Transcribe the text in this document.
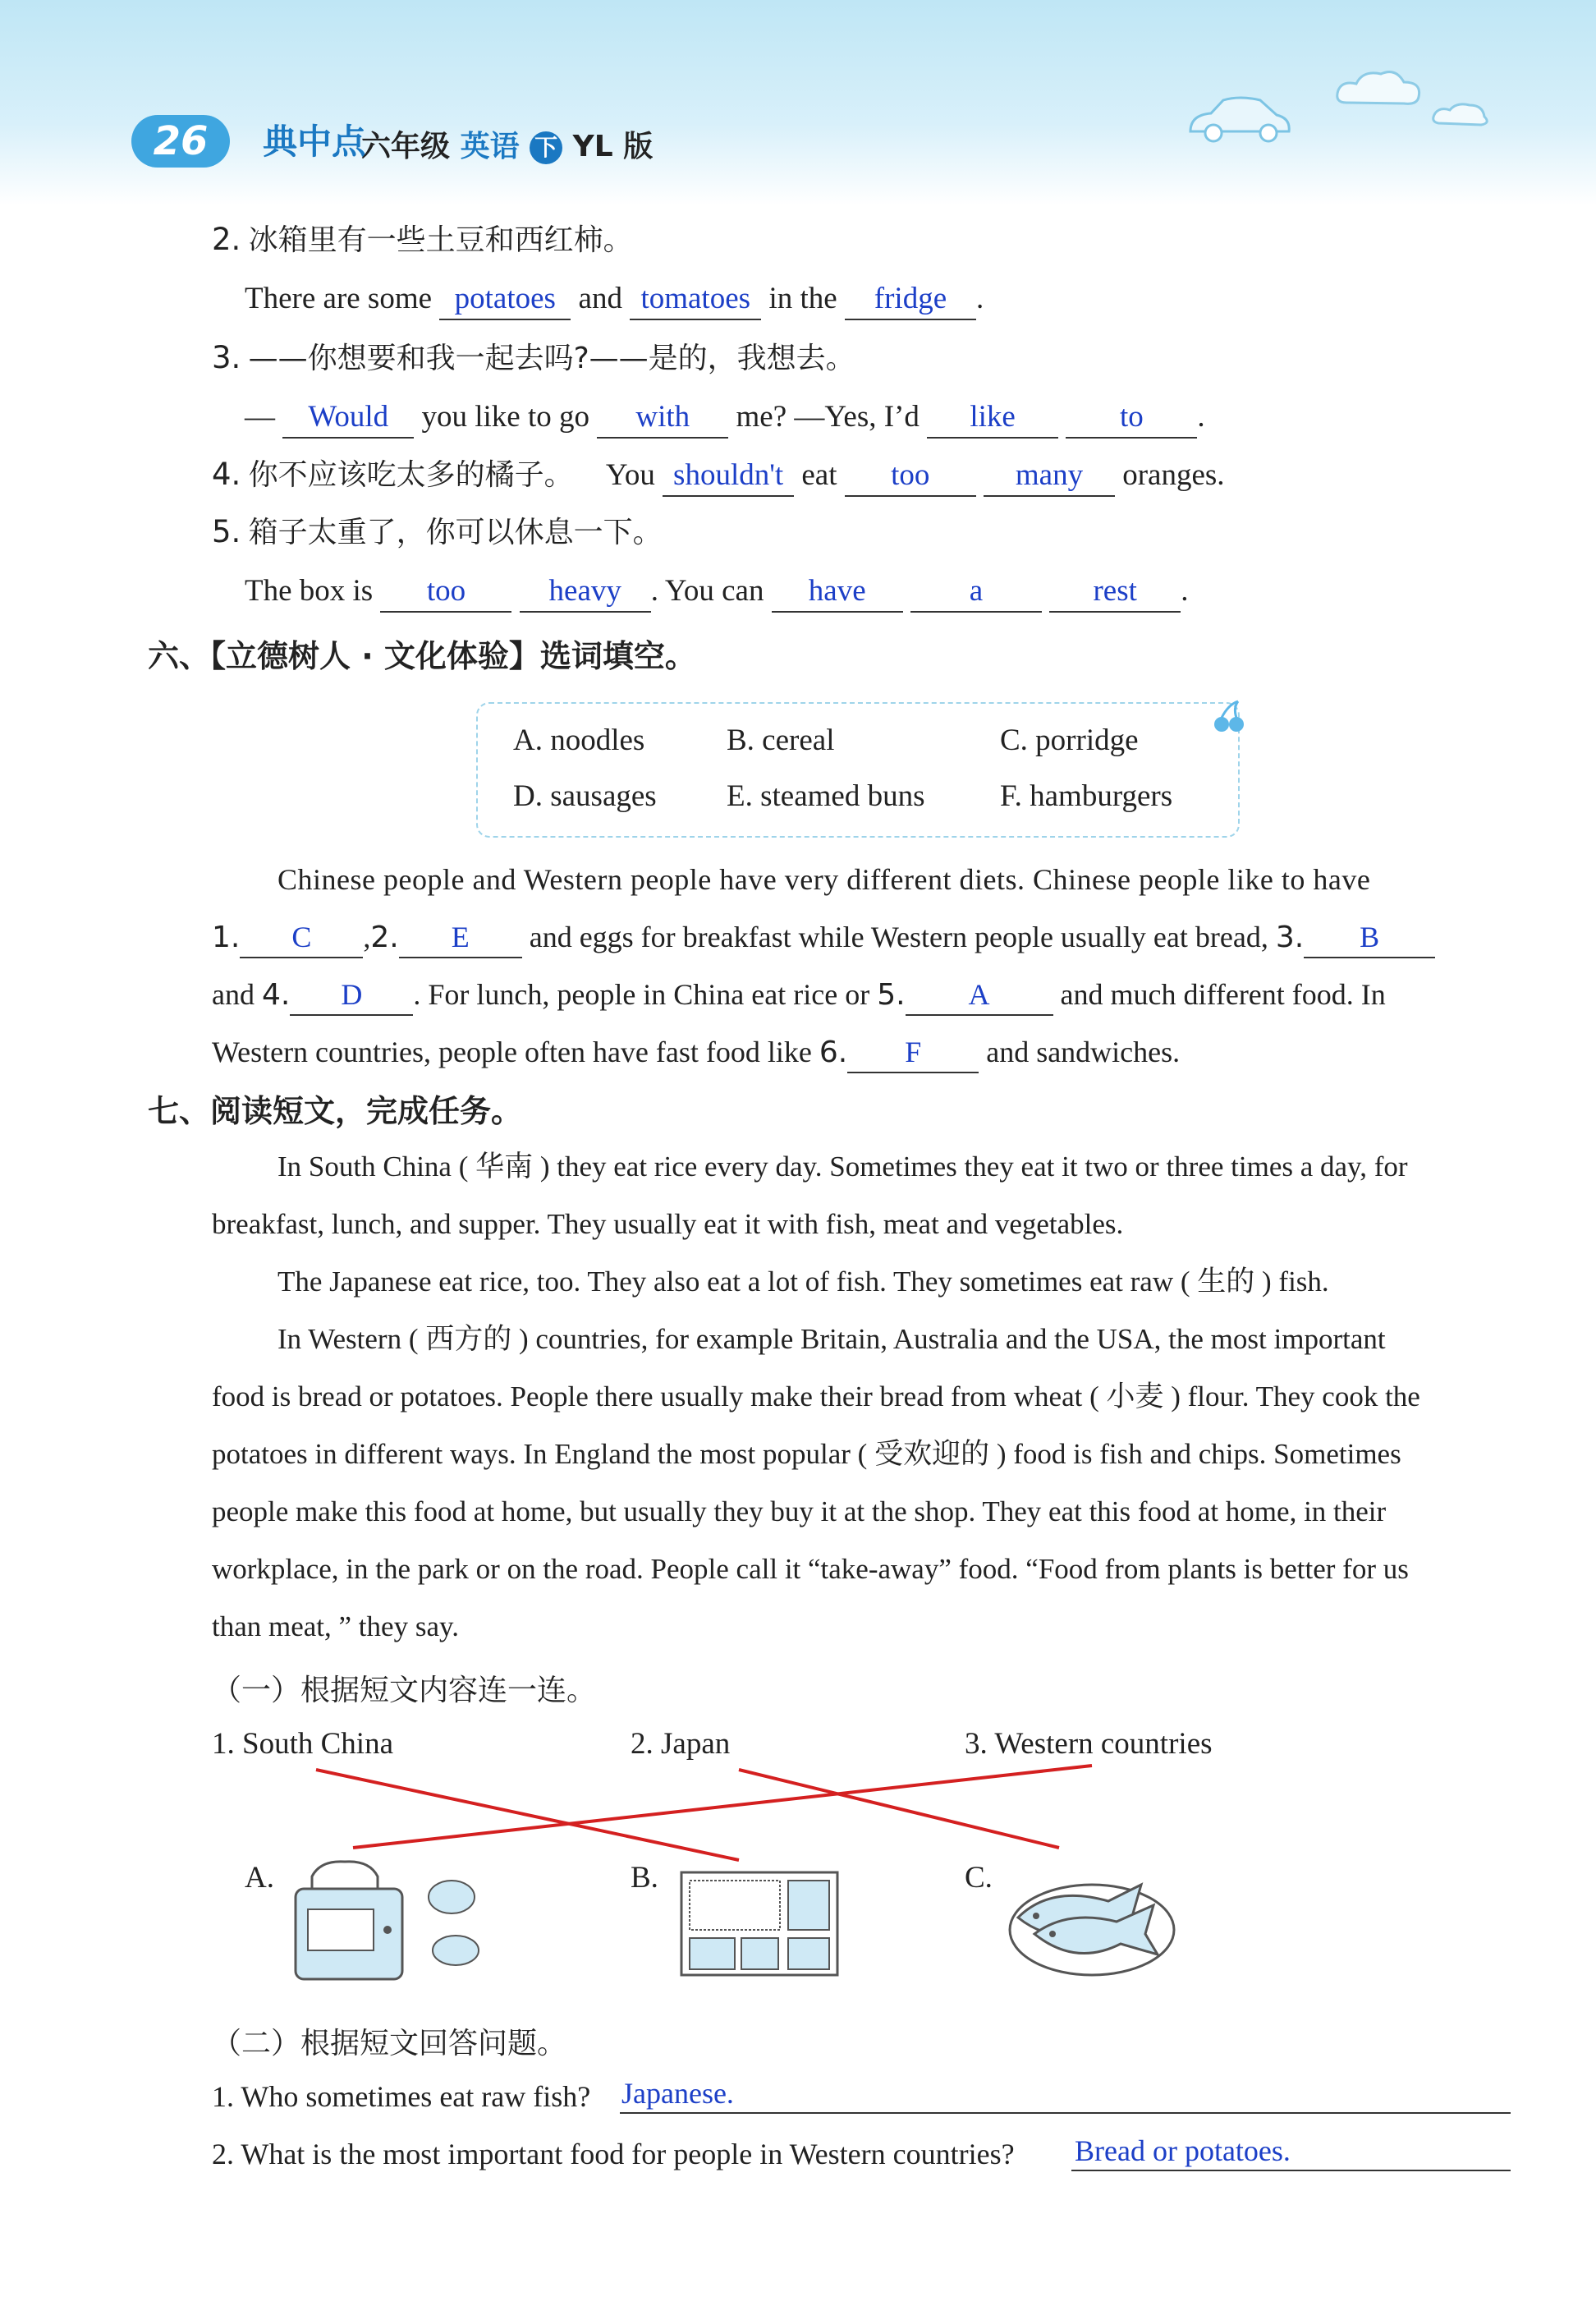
26	典中点
六年级 英语 下 YL 版
2. 冰箱里有一些土豆和西红柿。
There are some potatoes and tomatoes in the fridge .
3. ——你想要和我一起去吗?——是的，我想去。
— Would you like to go with me? —Yes, I’d like	to .
4. 你不应该吃太多的橘子。 You shouldn't eat too	many oranges.
5. 箱子太重了，你可以休息一下。
The box is too	heavy . You can have	a	rest .
六、【立德树人 · 文化体验】选词填空。
A. noodles	B. cereal	C. porridge
D. sausages E. steamed buns F. hamburgers
Chinese people and Western people have very different diets. Chinese people like to have
1. C ,2. E and eggs for breakfast while Western people usually eat bread, 3. B
and 4. D . For lunch, people in China eat rice or 5. A and much different food. In
Western countries, people often have fast food like 6. F and sandwiches.
七、阅读短文，完成任务。
In South China ( 华南 ) they eat rice every day. Sometimes they eat it two or three times a day, for
breakfast, lunch, and supper. They usually eat it with fish, meat and vegetables.
The Japanese eat rice, too. They also eat a lot of fish. They sometimes eat raw ( 生的 ) fish.
In Western ( 西方的 ) countries, for example Britain, Australia and the USA, the most important
food is bread or potatoes. People there usually make their bread from wheat ( 小麦 ) flour. They cook the
potatoes in different ways. In England the most popular ( 受欢迎的 ) food is fish and chips. Sometimes
people make this food at home, but usually they buy it at the shop. They eat this food at home, in their
workplace, in the park or on the road. People call it “take-away” food. “Food from plants is better for us
than meat, ” they say.
（一）根据短文内容连一连。
1. South China	2. Japan	3. Western countries
A.	B.	C.
（二）根据短文回答问题。
1. Who sometimes eat raw fish? Japanese.
2. What is the most important food for people in Western countries? Bread or potatoes.
